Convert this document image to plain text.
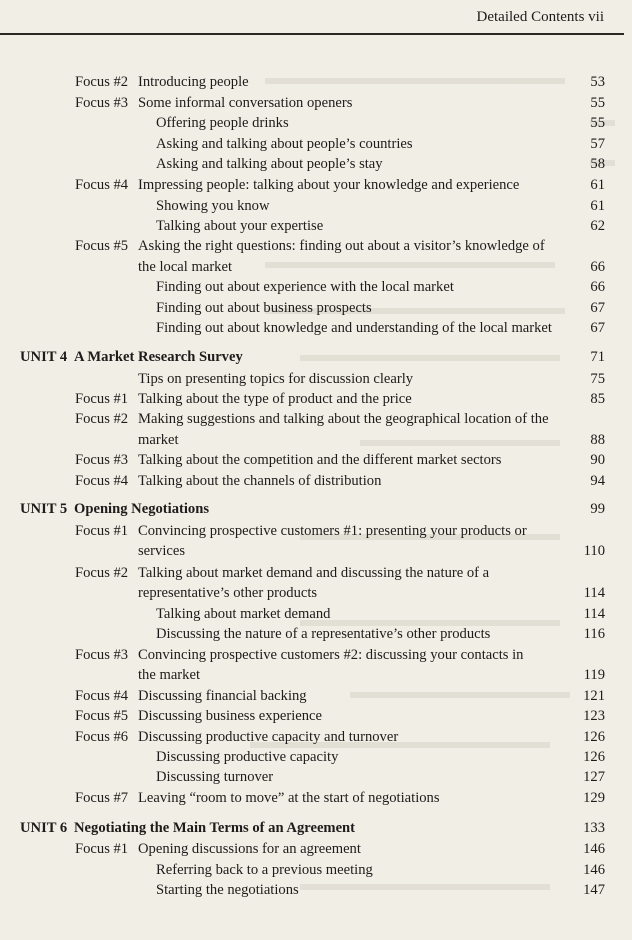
Detailed Contents vii
Focus #2 Introducing people	53
Focus #3 Some informal conversation openers	55
Offering people drinks	55
Asking and talking about people’s countries	57
Asking and talking about people’s stay	58
Focus #4 Impressing people: talking about your knowledge and experience	61
Showing you know	61
Talking about your expertise	62
Focus #5 Asking the right questions: finding out about a visitor’s knowledge of
the local market	66
Finding out about experience with the local market	66
Finding out about business prospects	67
Finding out about knowledge and understanding of the local market	67
UNIT 4 A Market Research Survey	71
Tips on presenting topics for discussion clearly	75
Focus #1 Talking about the type of product and the price	85
Focus #2 Making suggestions and talking about the geographical location of the
market	88
Focus #3 Talking about the competition and the different market sectors	90
Focus #4 Talking about the channels of distribution	94
UNIT 5 Opening Negotiations	99
Focus #1 Convincing prospective customers #1: presenting your products or
services	110
Focus #2 Talking about market demand and discussing the nature of a
representative’s other products	114
Talking about market demand	114
Discussing the nature of a representative’s other products	116
Focus #3 Convincing prospective customers #2: discussing your contacts in
the market	119
Focus #4 Discussing financial backing	121
Focus #5 Discussing business experience	123
Focus #6 Discussing productive capacity and turnover	126
Discussing productive capacity	126
Discussing turnover	127
Focus #7 Leaving “room to move” at the start of negotiations	129
UNIT 6 Negotiating the Main Terms of an Agreement	133
Focus #1 Opening discussions for an agreement	146
Referring back to a previous meeting	146
Starting the negotiations	147
